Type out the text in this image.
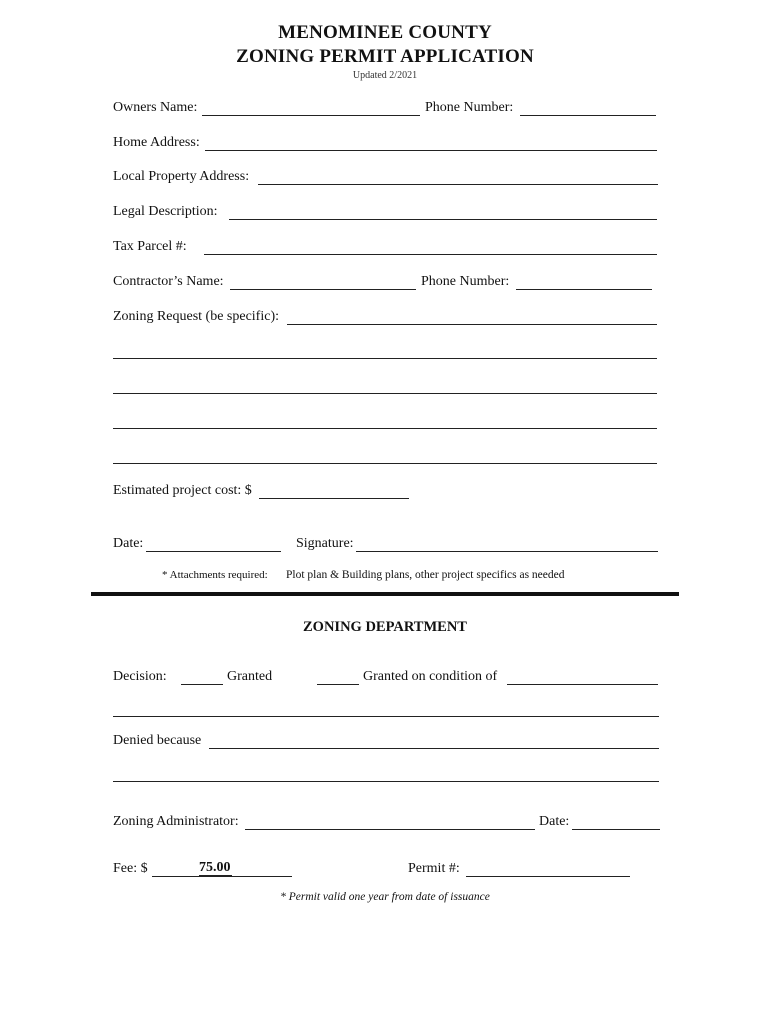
MENOMINEE COUNTY
ZONING PERMIT APPLICATION
Updated 2/2021
Owners Name:	Phone Number:
Home Address:
Local Property Address:
Legal Description:
Tax Parcel #:
Contractor’s Name:	Phone Number:
Zoning Request (be specific):
Estimated project cost: $
Date:	Signature:
* Attachments required: Plot plan & Building plans, other project specifics as needed
ZONING DEPARTMENT
Decision:	Granted	Granted on condition of
Denied because
Zoning Administrator:	Date:
Fee: $	75.00	Permit #:
* Permit valid one year from date of issuance
